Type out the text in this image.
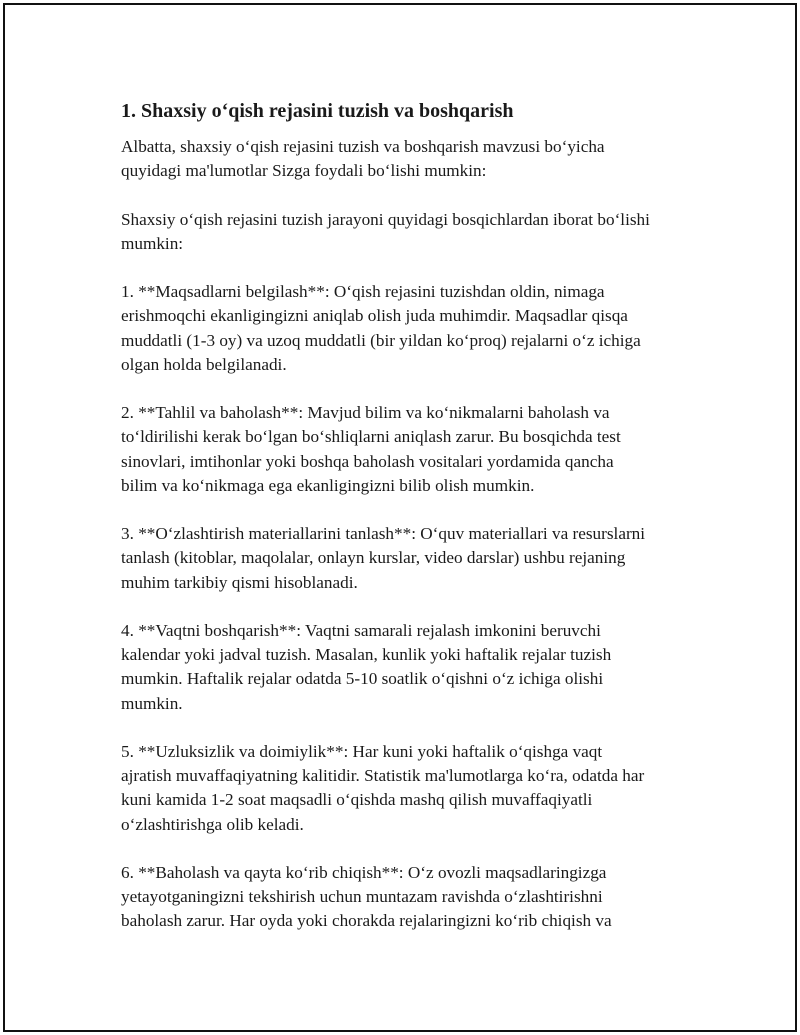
1. Shaxsiy o‘qish rejasini tuzish va boshqarish
Albatta, shaxsiy o‘qish rejasini tuzish va boshqarish mavzusi bo‘yicha
quyidagi ma'lumotlar Sizga foydali bo‘lishi mumkin:
Shaxsiy o‘qish rejasini tuzish jarayoni quyidagi bosqichlardan iborat bo‘lishi
mumkin:
1. **Maqsadlarni belgilash**: O‘qish rejasini tuzishdan oldin, nimaga
erishmoqchi ekanligingizni aniqlab olish juda muhimdir. Maqsadlar qisqa
muddatli (1-3 oy) va uzoq muddatli (bir yildan ko‘proq) rejalarni o‘z ichiga
olgan holda belgilanadi.
2. **Tahlil va baholash**: Mavjud bilim va ko‘nikmalarni baholash va
to‘ldirilishi kerak bo‘lgan bo‘shliqlarni aniqlash zarur. Bu bosqichda test
sinovlari, imtihonlar yoki boshqa baholash vositalari yordamida qancha
bilim va ko‘nikmaga ega ekanligingizni bilib olish mumkin.
3. **O‘zlashtirish materiallarini tanlash**: O‘quv materiallari va resurslarni
tanlash (kitoblar, maqolalar, onlayn kurslar, video darslar) ushbu rejaning
muhim tarkibiy qismi hisoblanadi.
4. **Vaqtni boshqarish**: Vaqtni samarali rejalash imkonini beruvchi
kalendar yoki jadval tuzish. Masalan, kunlik yoki haftalik rejalar tuzish
mumkin. Haftalik rejalar odatda 5-10 soatlik o‘qishni o‘z ichiga olishi
mumkin.
5. **Uzluksizlik va doimiylik**: Har kuni yoki haftalik o‘qishga vaqt
ajratish muvaffaqiyatning kalitidir. Statistik ma'lumotlarga ko‘ra, odatda har
kuni kamida 1-2 soat maqsadli o‘qishda mashq qilish muvaffaqiyatli
o‘zlashtirishga olib keladi.
6. **Baholash va qayta ko‘rib chiqish**: O‘z ovozli maqsadlaringizga
yetayotganingizni tekshirish uchun muntazam ravishda o‘zlashtirishni
baholash zarur. Har oyda yoki chorakda rejalaringizni ko‘rib chiqish va
